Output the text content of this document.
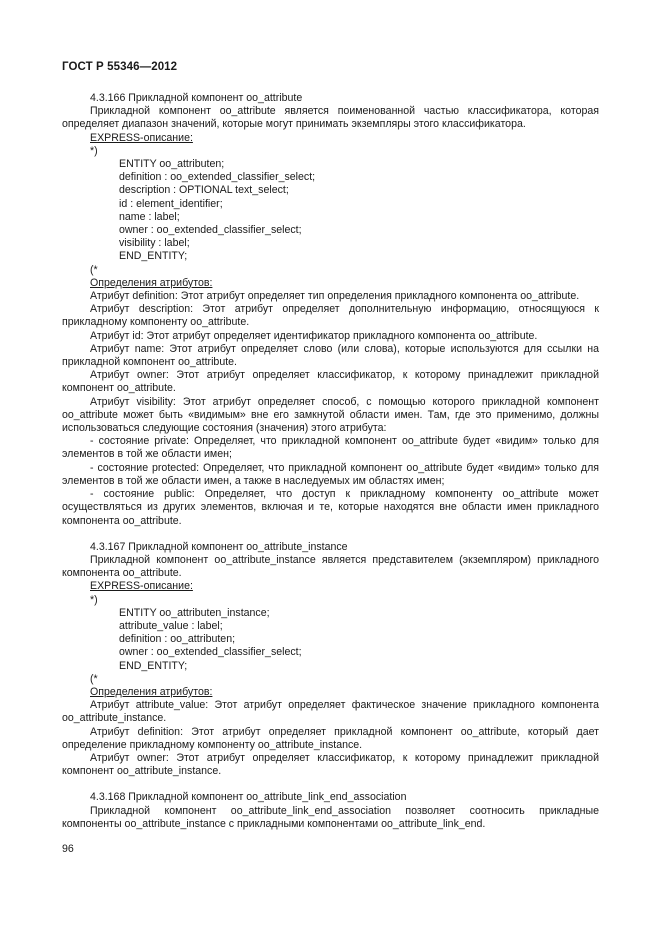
ГОСТ Р 55346—2012

4.3.166 Прикладной компонент oo_attribute

Прикладной компонент oo_attribute является поименованной частью классификатора, которая определяет диапазон значений, которые могут принимать экземпляры этого классификатора.

EXPRESS-описание:

*)

ENTITY oo_attributen;

definition : oo_extended_classifier_select;

description : OPTIONAL text_select;

id : element_identifier;

name : label;

owner : oo_extended_classifier_select;

visibility : label;

END_ENTITY;

(*

Определения атрибутов:

Атрибут definition: Этот атрибут определяет тип определения прикладного компонента oo_attribute.

Атрибут description: Этот атрибут определяет дополнительную информацию, относящуюся к прикладному компоненту oo_attribute.

Атрибут id: Этот атрибут определяет идентификатор прикладного компонента oo_attribute.

Атрибут name: Этот атрибут определяет слово (или слова), которые используются для ссылки на прикладной компонент oo_attribute.

Атрибут owner: Этот атрибут определяет классификатор, к которому принадлежит прикладной компонент oo_attribute.

Атрибут visibility: Этот атрибут определяет способ, с помощью которого прикладной компонент oo_attribute может быть «видимым» вне его замкнутой области имен. Там, где это применимо, должны использоваться следующие состояния (значения) этого атрибута:

- состояние private: Определяет, что прикладной компонент oo_attribute будет «видим» только для элементов в той же области имен;

- состояние protected: Определяет, что прикладной компонент oo_attribute будет «видим» только для элементов в той же области имен, а также в наследуемых им областях имен;

- состояние public: Определяет, что доступ к прикладному компоненту oo_attribute может осуществляться из других элементов, включая и те, которые находятся вне области имен прикладного компонента oo_attribute.

4.3.167 Прикладной компонент oo_attribute_instance

Прикладной компонент oo_attribute_instance является представителем (экземпляром) прикладного компонента oo_attribute.

EXPRESS-описание:

*)

ENTITY oo_attributen_instance;

attribute_value : label;

definition : oo_attributen;

owner : oo_extended_classifier_select;

END_ENTITY;

(*

Определения атрибутов:

Атрибут attribute_value: Этот атрибут определяет фактическое значение прикладного компонента oo_attribute_instance.

Атрибут definition: Этот атрибут определяет прикладной компонент oo_attribute, который дает определение прикладному компоненту oo_attribute_instance.

Атрибут owner: Этот атрибут определяет классификатор, к которому принадлежит прикладной компонент oo_attribute_instance.

4.3.168 Прикладной компонент oo_attribute_link_end_association

Прикладной компонент oo_attribute_link_end_association позволяет соотносить прикладные компоненты oo_attribute_instance с прикладными компонентами oo_attribute_link_end.

96
